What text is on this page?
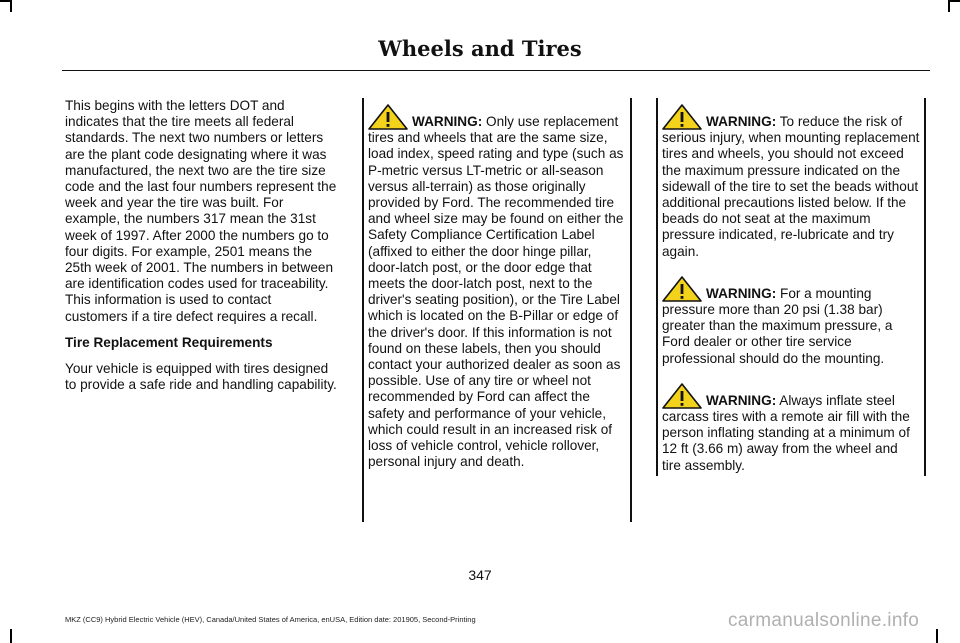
Wheels and Tires

This begins with the letters DOT and indicates that the tire meets all federal standards. The next two numbers or letters are the plant code designating where it was manufactured, the next two are the tire size code and the last four numbers represent the week and year the tire was built. For example, the numbers 317 mean the 31st week of 1997. After 2000 the numbers go to four digits. For example, 2501 means the 25th week of 2001. The numbers in between are identification codes used for traceability. This information is used to contact customers if a tire defect requires a recall.

Tire Replacement Requirements

Your vehicle is equipped with tires designed to provide a safe ride and handling capability.

WARNING: Only use replacement tires and wheels that are the same size, load index, speed rating and type (such as P-metric versus LT-metric or all-season versus all-terrain) as those originally provided by Ford. The recommended tire and wheel size may be found on either the Safety Compliance Certification Label (affixed to either the door hinge pillar, door-latch post, or the door edge that meets the door-latch post, next to the driver's seating position), or the Tire Label which is located on the B-Pillar or edge of the driver's door. If this information is not found on these labels, then you should contact your authorized dealer as soon as possible. Use of any tire or wheel not recommended by Ford can affect the safety and performance of your vehicle, which could result in an increased risk of loss of vehicle control, vehicle rollover, personal injury and death.

WARNING: To reduce the risk of serious injury, when mounting replacement tires and wheels, you should not exceed the maximum pressure indicated on the sidewall of the tire to set the beads without additional precautions listed below. If the beads do not seat at the maximum pressure indicated, re-lubricate and try again.

WARNING: For a mounting pressure more than 20 psi (1.38 bar) greater than the maximum pressure, a Ford dealer or other tire service professional should do the mounting.

WARNING: Always inflate steel carcass tires with a remote air fill with the person inflating standing at a minimum of 12 ft (3.66 m) away from the wheel and tire assembly.

347
MKZ (CC9) Hybrid Electric Vehicle (HEV), Canada/United States of America, enUSA, Edition date: 201905, Second-Printing	carmanualsonline.info
